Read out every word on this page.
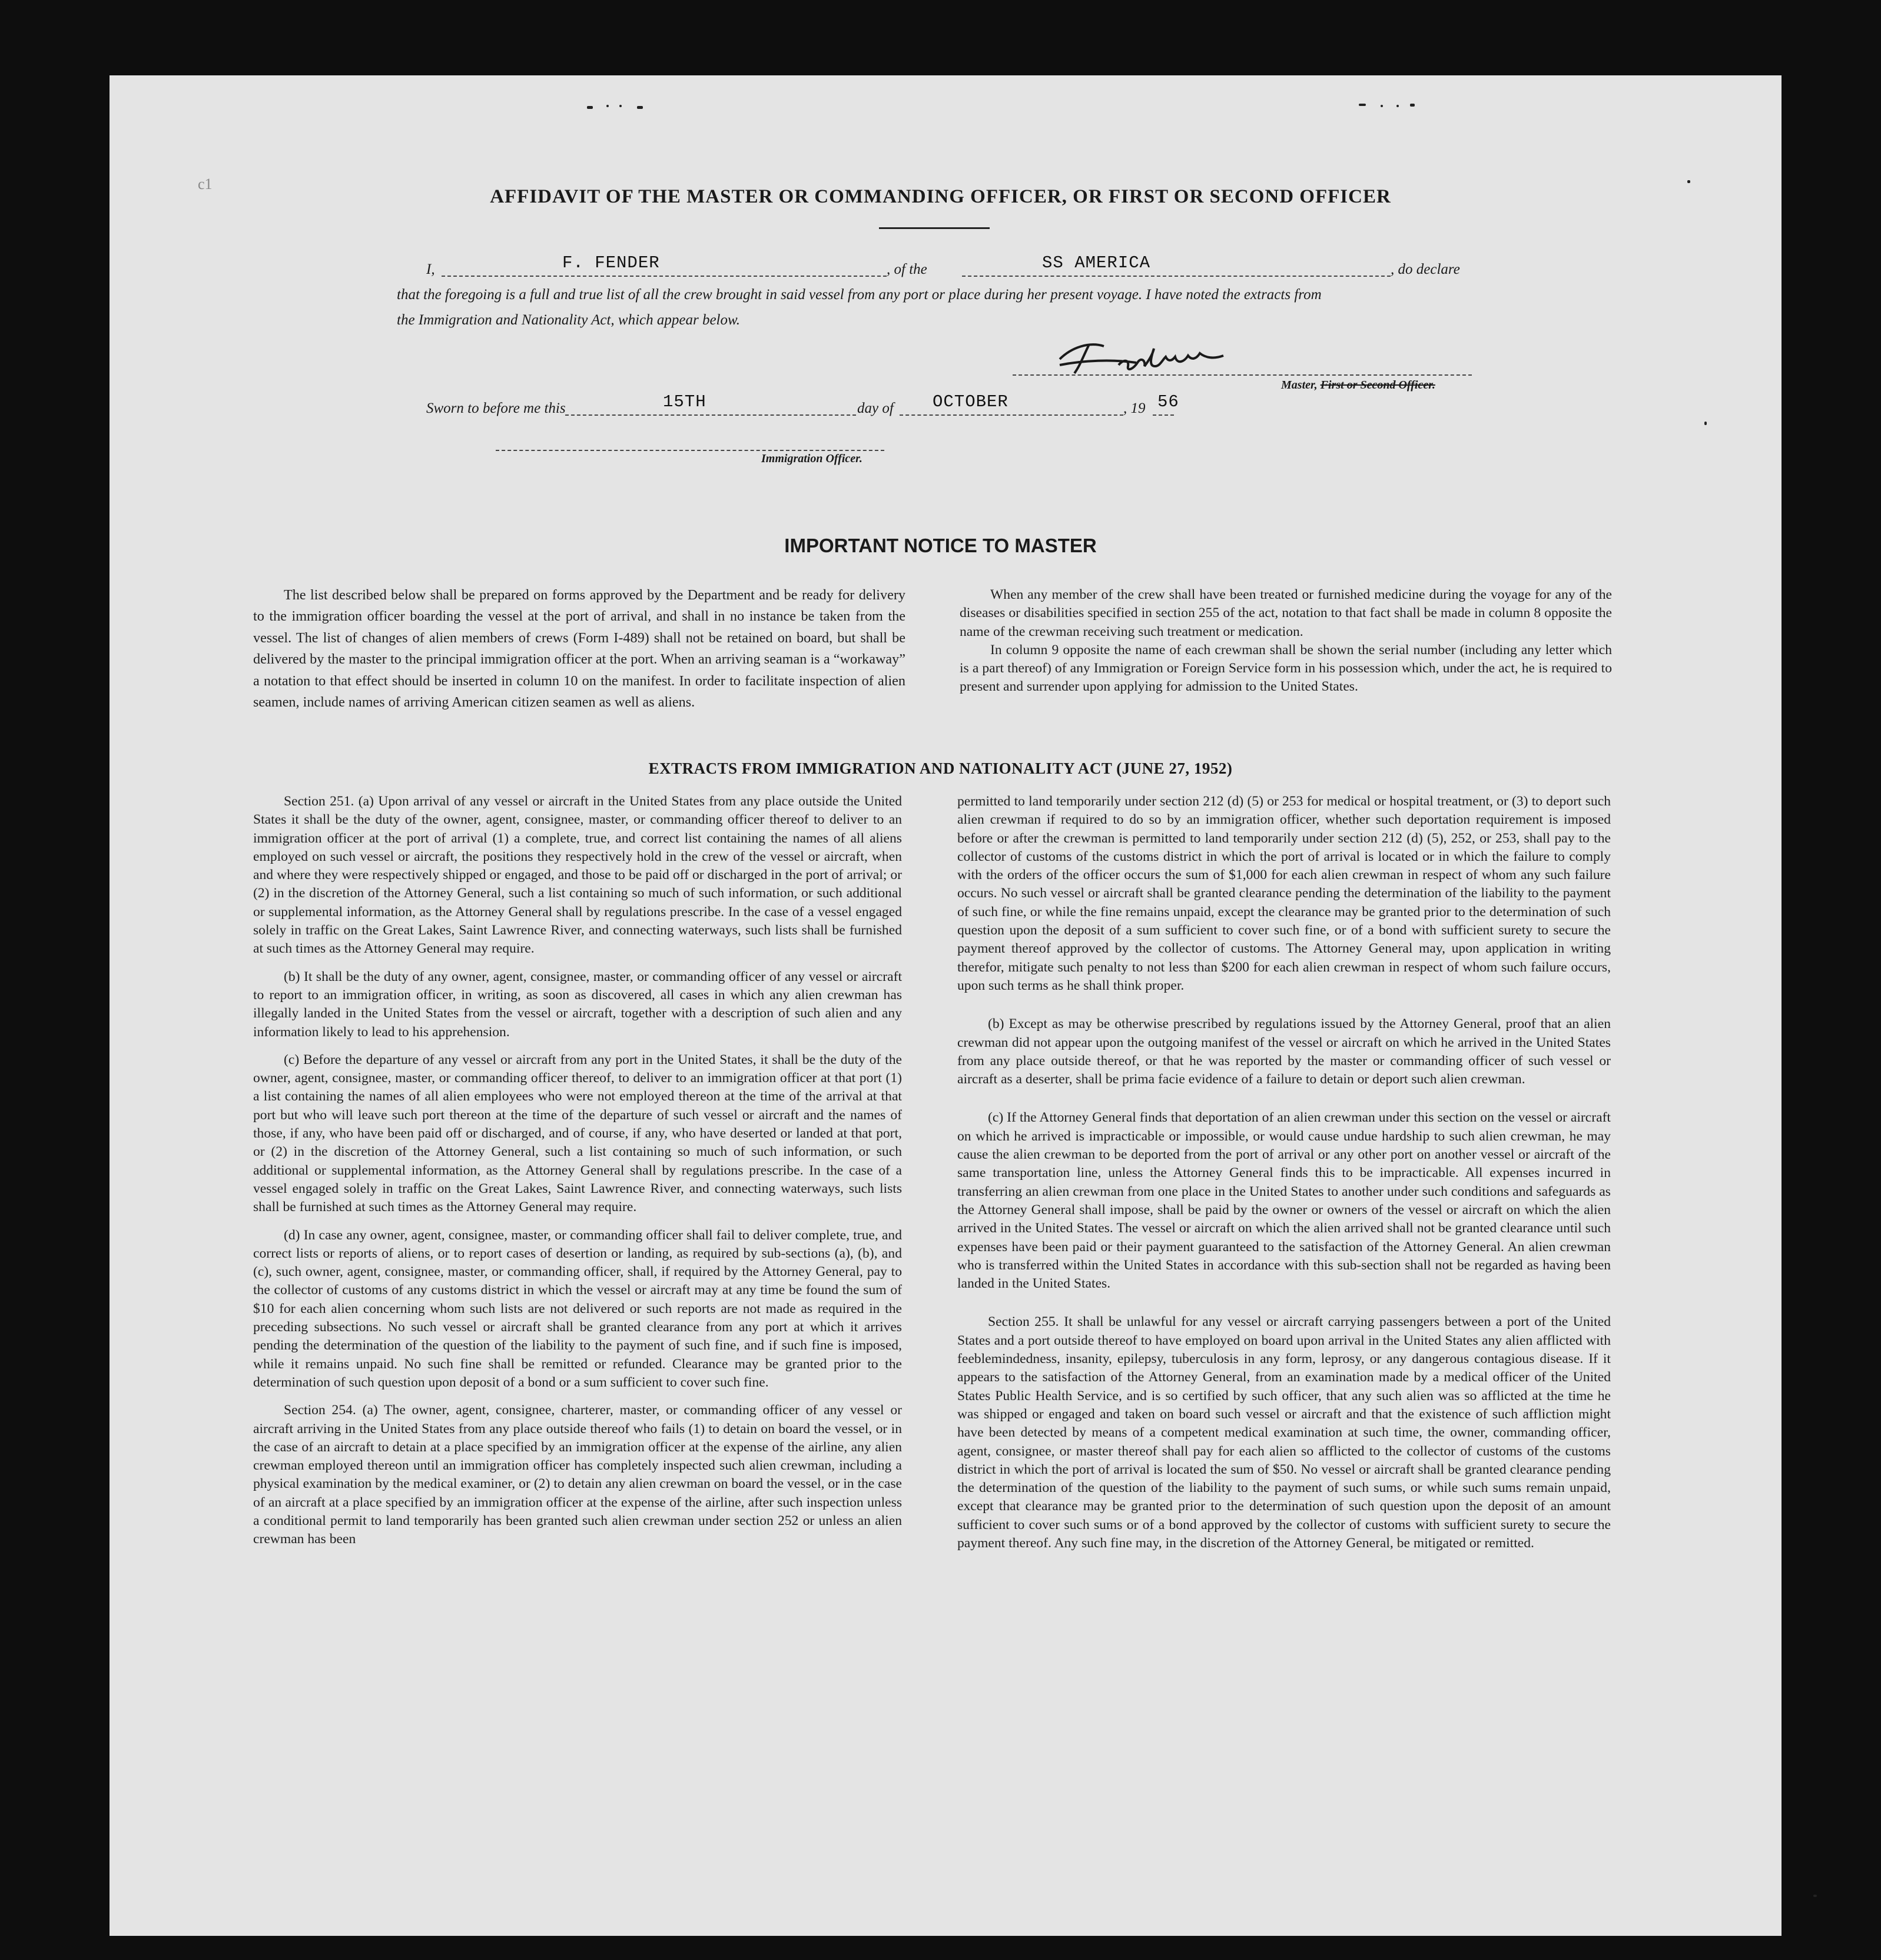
c1
AFFIDAVIT OF THE MASTER OR COMMANDING OFFICER, OR FIRST OR SECOND OFFICER
I,	F. FENDER	, of the	SS AMERICA	, do declare
that the foregoing is a full and true list of all the crew brought in said vessel from any port or place during her present voyage. I have noted the extracts from
the Immigration and Nationality Act, which appear below.
Master, First or Second Officer.
Sworn to before me this	15TH	day of OCTOBER	, 19 56
Immigration Officer.
IMPORTANT NOTICE TO MASTER

The list described below shall be prepared on forms approved by the Department and be ready for delivery to the immigration officer boarding the vessel at the port of arrival, and shall in no instance be taken from the vessel. The list of changes of alien members of crews (Form I-489) shall not be retained on board, but shall be delivered by the master to the principal immigration officer at the port. When an arriving seaman is a “workaway” a notation to that effect should be inserted in column 10 on the manifest. In order to facilitate inspection of alien seamen, include names of arriving American citizen seamen as well as aliens.

When any member of the crew shall have been treated or furnished medicine during the voyage for any of the diseases or disabilities specified in section 255 of the act, notation to that fact shall be made in column 8 opposite the name of the crewman receiving such treatment or medication.

In column 9 opposite the name of each crewman shall be shown the serial number (including any letter which is a part thereof) of any Immigration or Foreign Service form in his possession which, under the act, he is required to present and surrender upon applying for admission to the United States.

EXTRACTS FROM IMMIGRATION AND NATIONALITY ACT (JUNE 27, 1952)

Section 251. (a) Upon arrival of any vessel or aircraft in the United States from any place outside the United States it shall be the duty of the owner, agent, consignee, master, or commanding officer thereof to deliver to an immigration officer at the port of arrival (1) a complete, true, and correct list containing the names of all aliens employed on such vessel or aircraft, the positions they respectively hold in the crew of the vessel or aircraft, when and where they were respectively shipped or engaged, and those to be paid off or discharged in the port of arrival; or (2) in the discretion of the Attorney General, such a list containing so much of such information, or such additional or supplemental information, as the Attorney General shall by regulations prescribe. In the case of a vessel engaged solely in traffic on the Great Lakes, Saint Lawrence River, and connecting waterways, such lists shall be furnished at such times as the Attorney General may require.

(b) It shall be the duty of any owner, agent, consignee, master, or commanding officer of any vessel or aircraft to report to an immigration officer, in writing, as soon as discovered, all cases in which any alien crewman has illegally landed in the United States from the vessel or aircraft, together with a description of such alien and any information likely to lead to his apprehension.

(c) Before the departure of any vessel or aircraft from any port in the United States, it shall be the duty of the owner, agent, consignee, master, or commanding officer thereof, to deliver to an immigration officer at that port (1) a list containing the names of all alien employees who were not employed thereon at the time of the arrival at that port but who will leave such port thereon at the time of the departure of such vessel or aircraft and the names of those, if any, who have been paid off or discharged, and of course, if any, who have deserted or landed at that port, or (2) in the discretion of the Attorney General, such a list containing so much of such information, or such additional or supplemental information, as the Attorney General shall by regulations prescribe. In the case of a vessel engaged solely in traffic on the Great Lakes, Saint Lawrence River, and connecting waterways, such lists shall be furnished at such times as the Attorney General may require.

(d) In case any owner, agent, consignee, master, or commanding officer shall fail to deliver complete, true, and correct lists or reports of aliens, or to report cases of desertion or landing, as required by sub-sections (a), (b), and (c), such owner, agent, consignee, master, or commanding officer, shall, if required by the Attorney General, pay to the collector of customs of any customs district in which the vessel or aircraft may at any time be found the sum of $10 for each alien concerning whom such lists are not delivered or such reports are not made as required in the preceding subsections. No such vessel or aircraft shall be granted clearance from any port at which it arrives pending the determination of the question of the liability to the payment of such fine, and if such fine is imposed, while it remains unpaid. No such fine shall be remitted or refunded. Clearance may be granted prior to the determination of such question upon deposit of a bond or a sum sufficient to cover such fine.

Section 254. (a) The owner, agent, consignee, charterer, master, or commanding officer of any vessel or aircraft arriving in the United States from any place outside thereof who fails (1) to detain on board the vessel, or in the case of an aircraft to detain at a place specified by an immigration officer at the expense of the airline, any alien crewman employed thereon until an immigration officer has completely inspected such alien crewman, including a physical examination by the medical examiner, or (2) to detain any alien crewman on board the vessel, or in the case of an aircraft at a place specified by an immigration officer at the expense of the airline, after such inspection unless a conditional permit to land temporarily has been granted such alien crewman under section 252 or unless an alien crewman has been

permitted to land temporarily under section 212 (d) (5) or 253 for medical or hospital treatment, or (3) to deport such alien crewman if required to do so by an immigration officer, whether such deportation requirement is imposed before or after the crewman is permitted to land temporarily under section 212 (d) (5), 252, or 253, shall pay to the collector of customs of the customs district in which the port of arrival is located or in which the failure to comply with the orders of the officer occurs the sum of $1,000 for each alien crewman in respect of whom any such failure occurs. No such vessel or aircraft shall be granted clearance pending the determination of the liability to the payment of such fine, or while the fine remains unpaid, except the clearance may be granted prior to the determination of such question upon the deposit of a sum sufficient to cover such fine, or of a bond with sufficient surety to secure the payment thereof approved by the collector of customs. The Attorney General may, upon application in writing therefor, mitigate such penalty to not less than $200 for each alien crewman in respect of whom such failure occurs, upon such terms as he shall think proper.

(b) Except as may be otherwise prescribed by regulations issued by the Attorney General, proof that an alien crewman did not appear upon the outgoing manifest of the vessel or aircraft on which he arrived in the United States from any place outside thereof, or that he was reported by the master or commanding officer of such vessel or aircraft as a deserter, shall be prima facie evidence of a failure to detain or deport such alien crewman.

(c) If the Attorney General finds that deportation of an alien crewman under this section on the vessel or aircraft on which he arrived is impracticable or impossible, or would cause undue hardship to such alien crewman, he may cause the alien crewman to be deported from the port of arrival or any other port on another vessel or aircraft of the same transportation line, unless the Attorney General finds this to be impracticable. All expenses incurred in transferring an alien crewman from one place in the United States to another under such conditions and safeguards as the Attorney General shall impose, shall be paid by the owner or owners of the vessel or aircraft on which the alien arrived in the United States. The vessel or aircraft on which the alien arrived shall not be granted clearance until such expenses have been paid or their payment guaranteed to the satisfaction of the Attorney General. An alien crewman who is transferred within the United States in accordance with this sub-section shall not be regarded as having been landed in the United States.

Section 255. It shall be unlawful for any vessel or aircraft carrying passengers between a port of the United States and a port outside thereof to have employed on board upon arrival in the United States any alien afflicted with feeblemindedness, insanity, epilepsy, tuberculosis in any form, leprosy, or any dangerous contagious disease. If it appears to the satisfaction of the Attorney General, from an examination made by a medical officer of the United States Public Health Service, and is so certified by such officer, that any such alien was so afflicted at the time he was shipped or engaged and taken on board such vessel or aircraft and that the existence of such affliction might have been detected by means of a competent medical examination at such time, the owner, commanding officer, agent, consignee, or master thereof shall pay for each alien so afflicted to the collector of customs of the customs district in which the port of arrival is located the sum of $50. No vessel or aircraft shall be granted clearance pending the determination of the question of the liability to the payment of such sums, or while such sums remain unpaid, except that clearance may be granted prior to the determination of such question upon the deposit of an amount sufficient to cover such sums or of a bond approved by the collector of customs with sufficient surety to secure the payment thereof. Any such fine may, in the discretion of the Attorney General, be mitigated or remitted.
